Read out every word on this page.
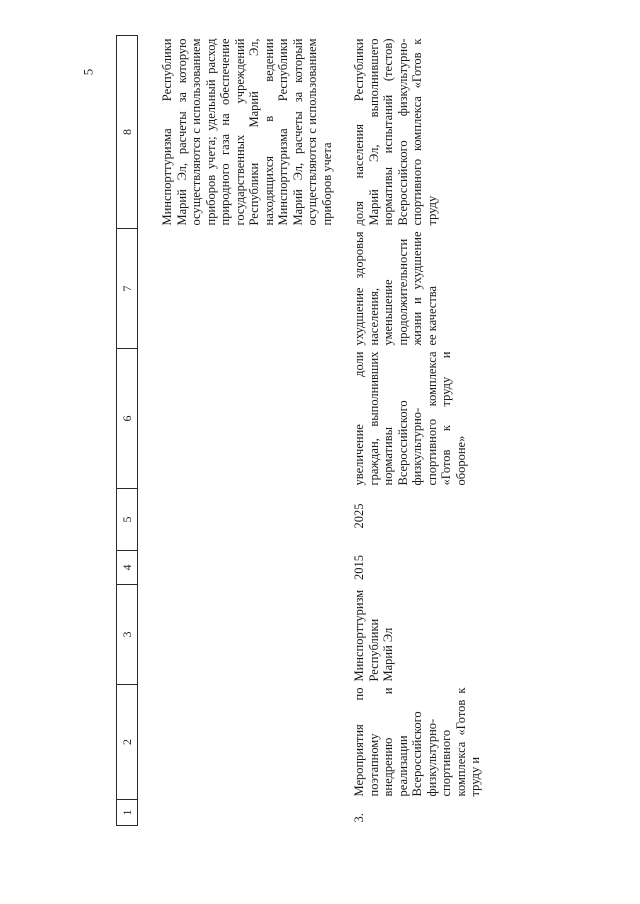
5
1	2	3	4	5	6	7	8

							Минспорттуризма Республики Марий Эл, расчеты за которую осуществляются с использованием приборов учета; удельный расход природного газа на обеспечение государственных учреждений Республики Марий Эл, находящихся в ведении Минспорттуризма Республики Марий Эл, расчеты за который осуществляются с использованием приборов учета

3.	Мероприятия по поэтапному внедрению и реализации Всероссийского физкультурно-спортивного комплекса «Готов к труду и	Минспорттуризм Республики Марий Эл	2015	2025	увеличение доли граждан, выполнивших нормативы Всероссийского физкультурно-спортивного комплекса «Готов к труду и обороне»	ухудшение здоровья населения, уменьшение продолжительности жизни и ухудшение ее качества	доля населения Республики Марий Эл, выполнившего нормативы испытаний (тестов) Всероссийского физкультурно-спортивного комплекса «Готов к труду
